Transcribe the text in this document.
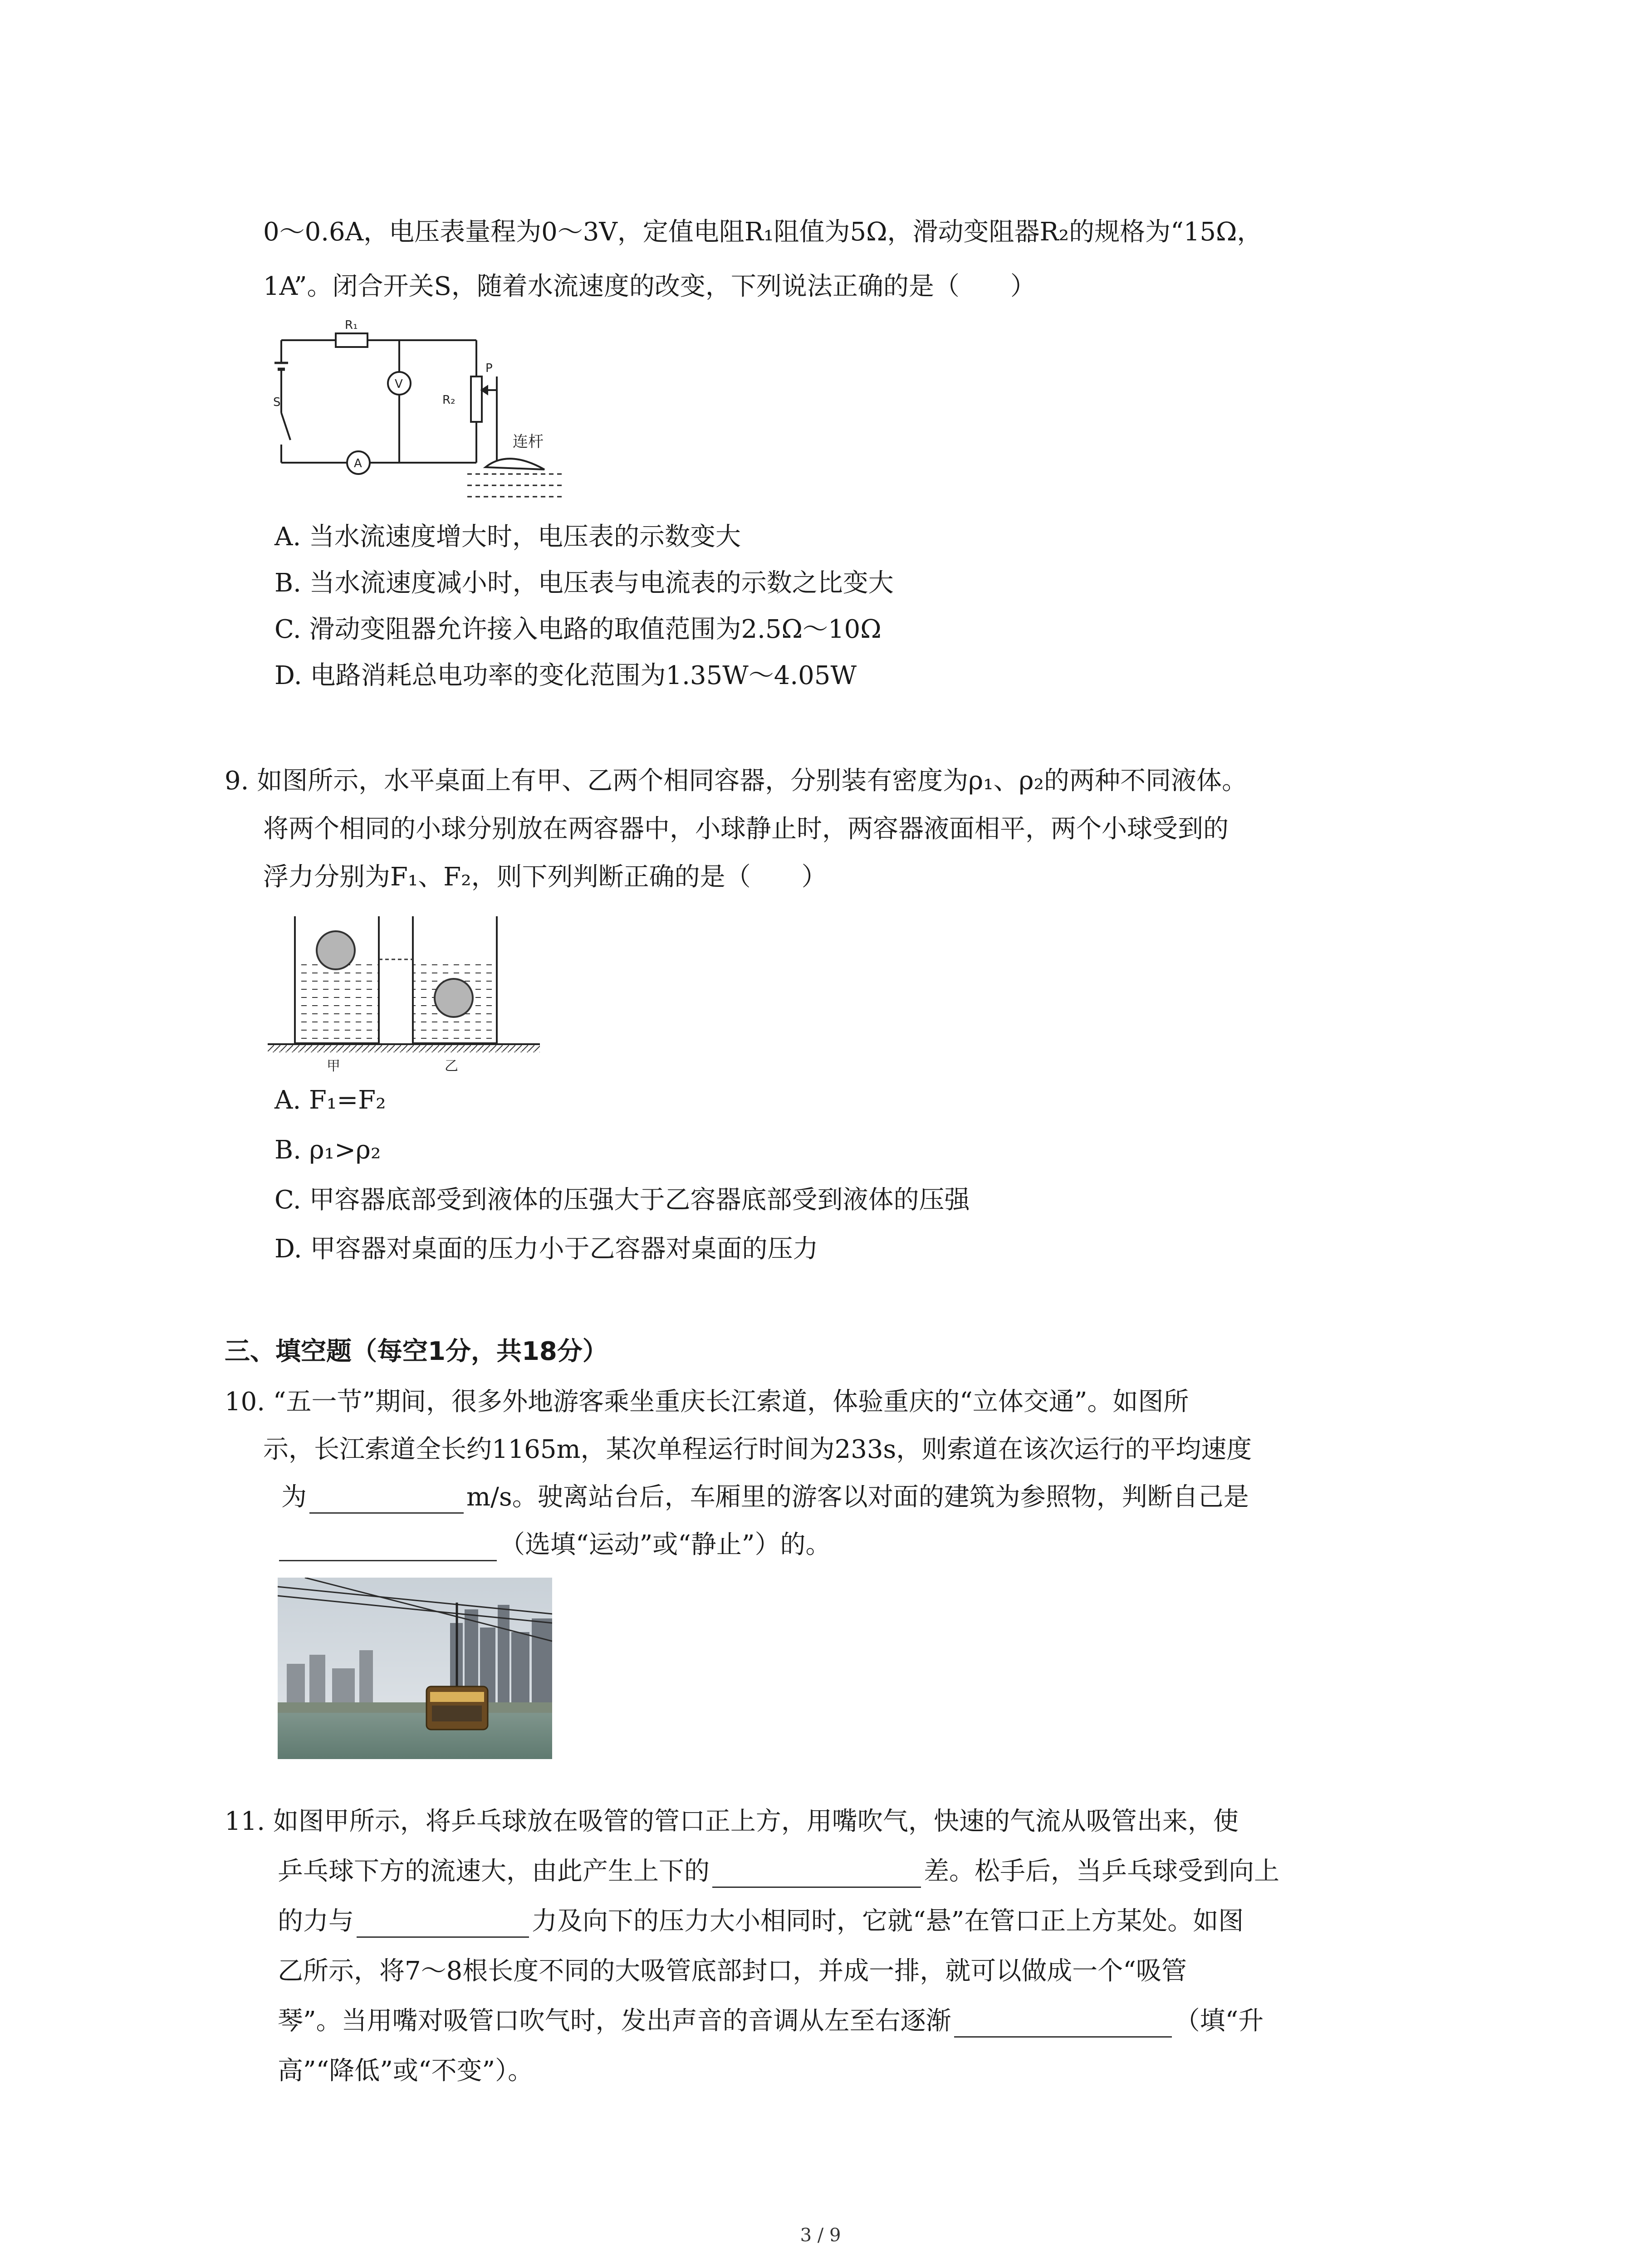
0～0.6A，电压表量程为0～3V，定值电阻R₁阻值为5Ω，滑动变阻器R₂的规格为“15Ω，
1A”。闭合开关S，随着水流速度的改变，下列说法正确的是（　　）
R₁
S
V
A
R₂
P
连杆
A. 当水流速度增大时，电压表的示数变大
B. 当水流速度减小时，电压表与电流表的示数之比变大
C. 滑动变阻器允许接入电路的取值范围为2.5Ω～10Ω
D. 电路消耗总电功率的变化范围为1.35W～4.05W
9. 如图所示，水平桌面上有甲、乙两个相同容器，分别装有密度为ρ₁、ρ₂的两种不同液体。
将两个相同的小球分别放在两容器中，小球静止时，两容器液面相平，两个小球受到的
浮力分别为F₁、F₂，则下列判断正确的是（　　）
甲	乙
A. F₁=F₂
B. ρ₁>ρ₂
C. 甲容器底部受到液体的压强大于乙容器底部受到液体的压强
D. 甲容器对桌面的压力小于乙容器对桌面的压力
三、填空题（每空1分，共18分）
10. “五一节”期间，很多外地游客乘坐重庆长江索道，体验重庆的“立体交通”。如图所
示，长江索道全长约1165m，某次单程运行时间为233s，则索道在该次运行的平均速度
为	m/s。驶离站台后，车厢里的游客以对面的建筑为参照物，判断自己是
（选填“运动”或“静止”）的。
11. 如图甲所示，将乒乓球放在吸管的管口正上方，用嘴吹气，快速的气流从吸管出来，使
乒乓球下方的流速大，由此产生上下的	差。松手后，当乒乓球受到向上
的力与	力及向下的压力大小相同时，它就“悬”在管口正上方某处。如图
乙所示，将7～8根长度不同的大吸管底部封口，并成一排，就可以做成一个“吸管
琴”。当用嘴对吸管口吹气时，发出声音的音调从左至右逐渐	（填“升
高”“降低”或“不变”）。
3 / 9
